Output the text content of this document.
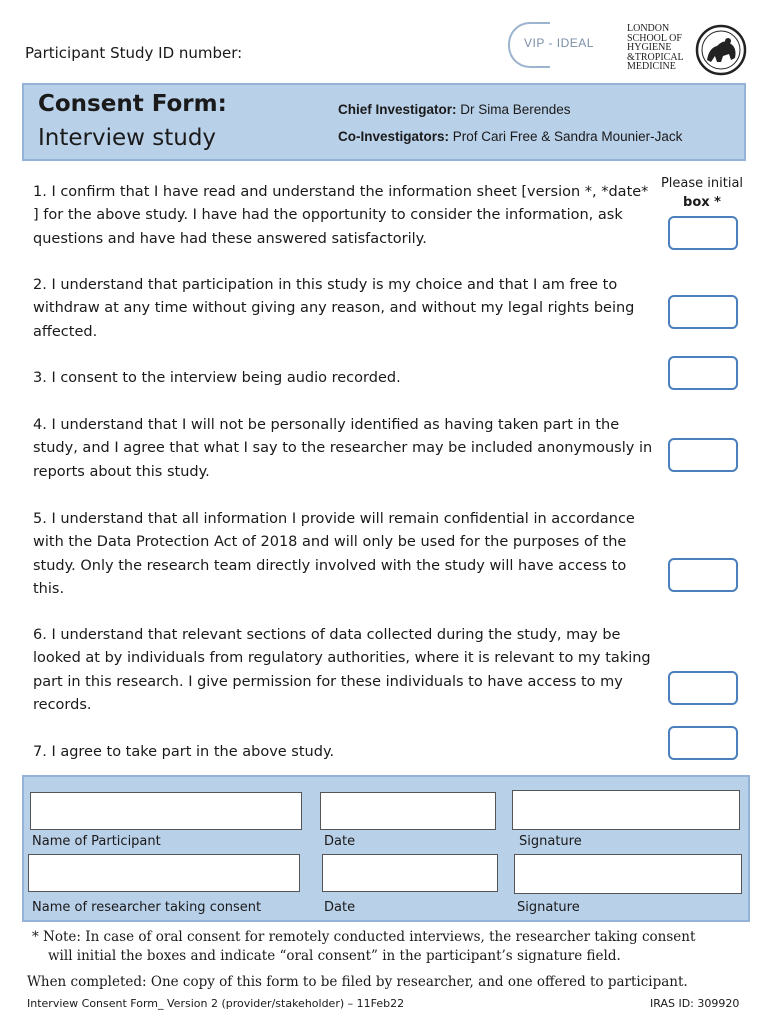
Participant Study ID number:
VIP - IDEAL
LONDON
SCHOOL OF
HYGIENE
&TROPICAL
MEDICINE
Consent Form:
Interview study
Chief Investigator: Dr Sima Berendes
Co-Investigators: Prof Cari Free & Sandra Mounier-Jack
Please initial
box *
1. I confirm that I have read and understand the information sheet [version *, *date* ] for the above study. I have had the opportunity to consider the information, ask questions and have had these answered satisfactorily.
2. I understand that participation in this study is my choice and that I am free to withdraw at any time without giving any reason, and without my legal rights being affected.
3. I consent to the interview being audio recorded.
4. I understand that I will not be personally identified as having taken part in the study, and I agree that what I say to the researcher may be included anonymously in reports about this study.
5. I understand that all information I provide will remain confidential in accordance with the Data Protection Act of 2018 and will only be used for the purposes of the study. Only the research team directly involved with the study will have access to this.
6. I understand that relevant sections of data collected during the study, may be looked at by individuals from regulatory authorities, where it is relevant to my taking part in this research. I give permission for these individuals to have access to my records.
7. I agree to take part in the above study.
Name of Participant	Date	Signature
Name of researcher taking consent	Date	Signature
* Note: In case of oral consent for remotely conducted interviews, the researcher taking consent
will initial the boxes and indicate “oral consent” in the participant’s signature field.
When completed: One copy of this form to be filed by researcher, and one offered to participant.
Interview Consent Form_ Version 2 (provider/stakeholder) – 11Feb22	IRAS ID: 309920
